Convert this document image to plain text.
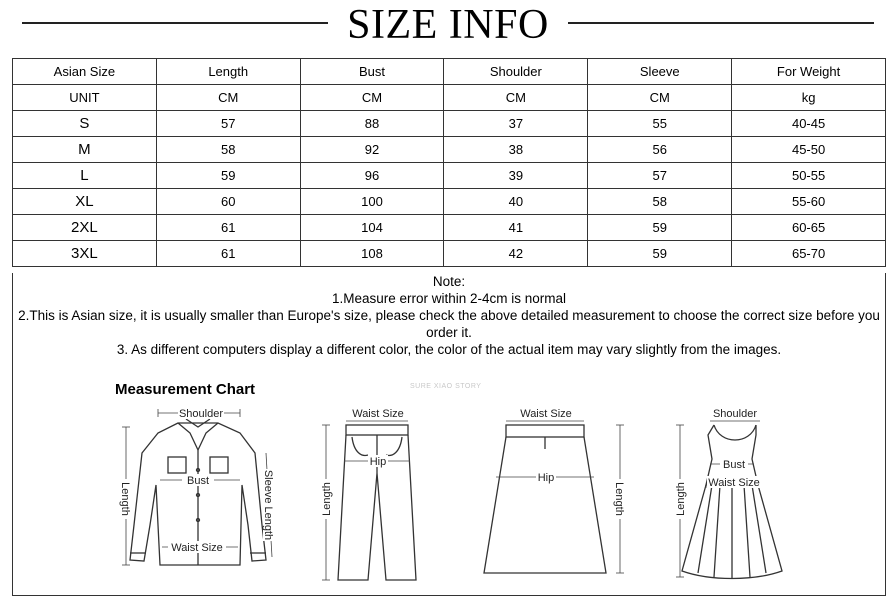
SIZE INFO
Asian Size	Length	Bust	Shoulder	Sleeve	For Weight
UNIT	CM	CM	CM	CM	kg
S	57	88	37	55	40-45
M	58	92	38	56	45-50
L	59	96	39	57	50-55
XL	60	100	40	58	55-60
2XL	61	104	41	59	60-65
3XL	61	108	42	59	65-70
Note:
1.Measure error within 2-4cm is normal
2.This is Asian size, it is usually smaller than Europe's size, please check the above detailed measurement to choose the correct size before you order it.
3. As different computers display a different color, the color of the actual item may vary slightly from the images.
Measurement Chart	SURE XIAO STORY
Shoulder
Bust
Waist Size
Length	Sleeve Length
Waist Size
Hip
Length
Waist Size
Hip
Length
Shoulder
Bust
Waist Size
Length
